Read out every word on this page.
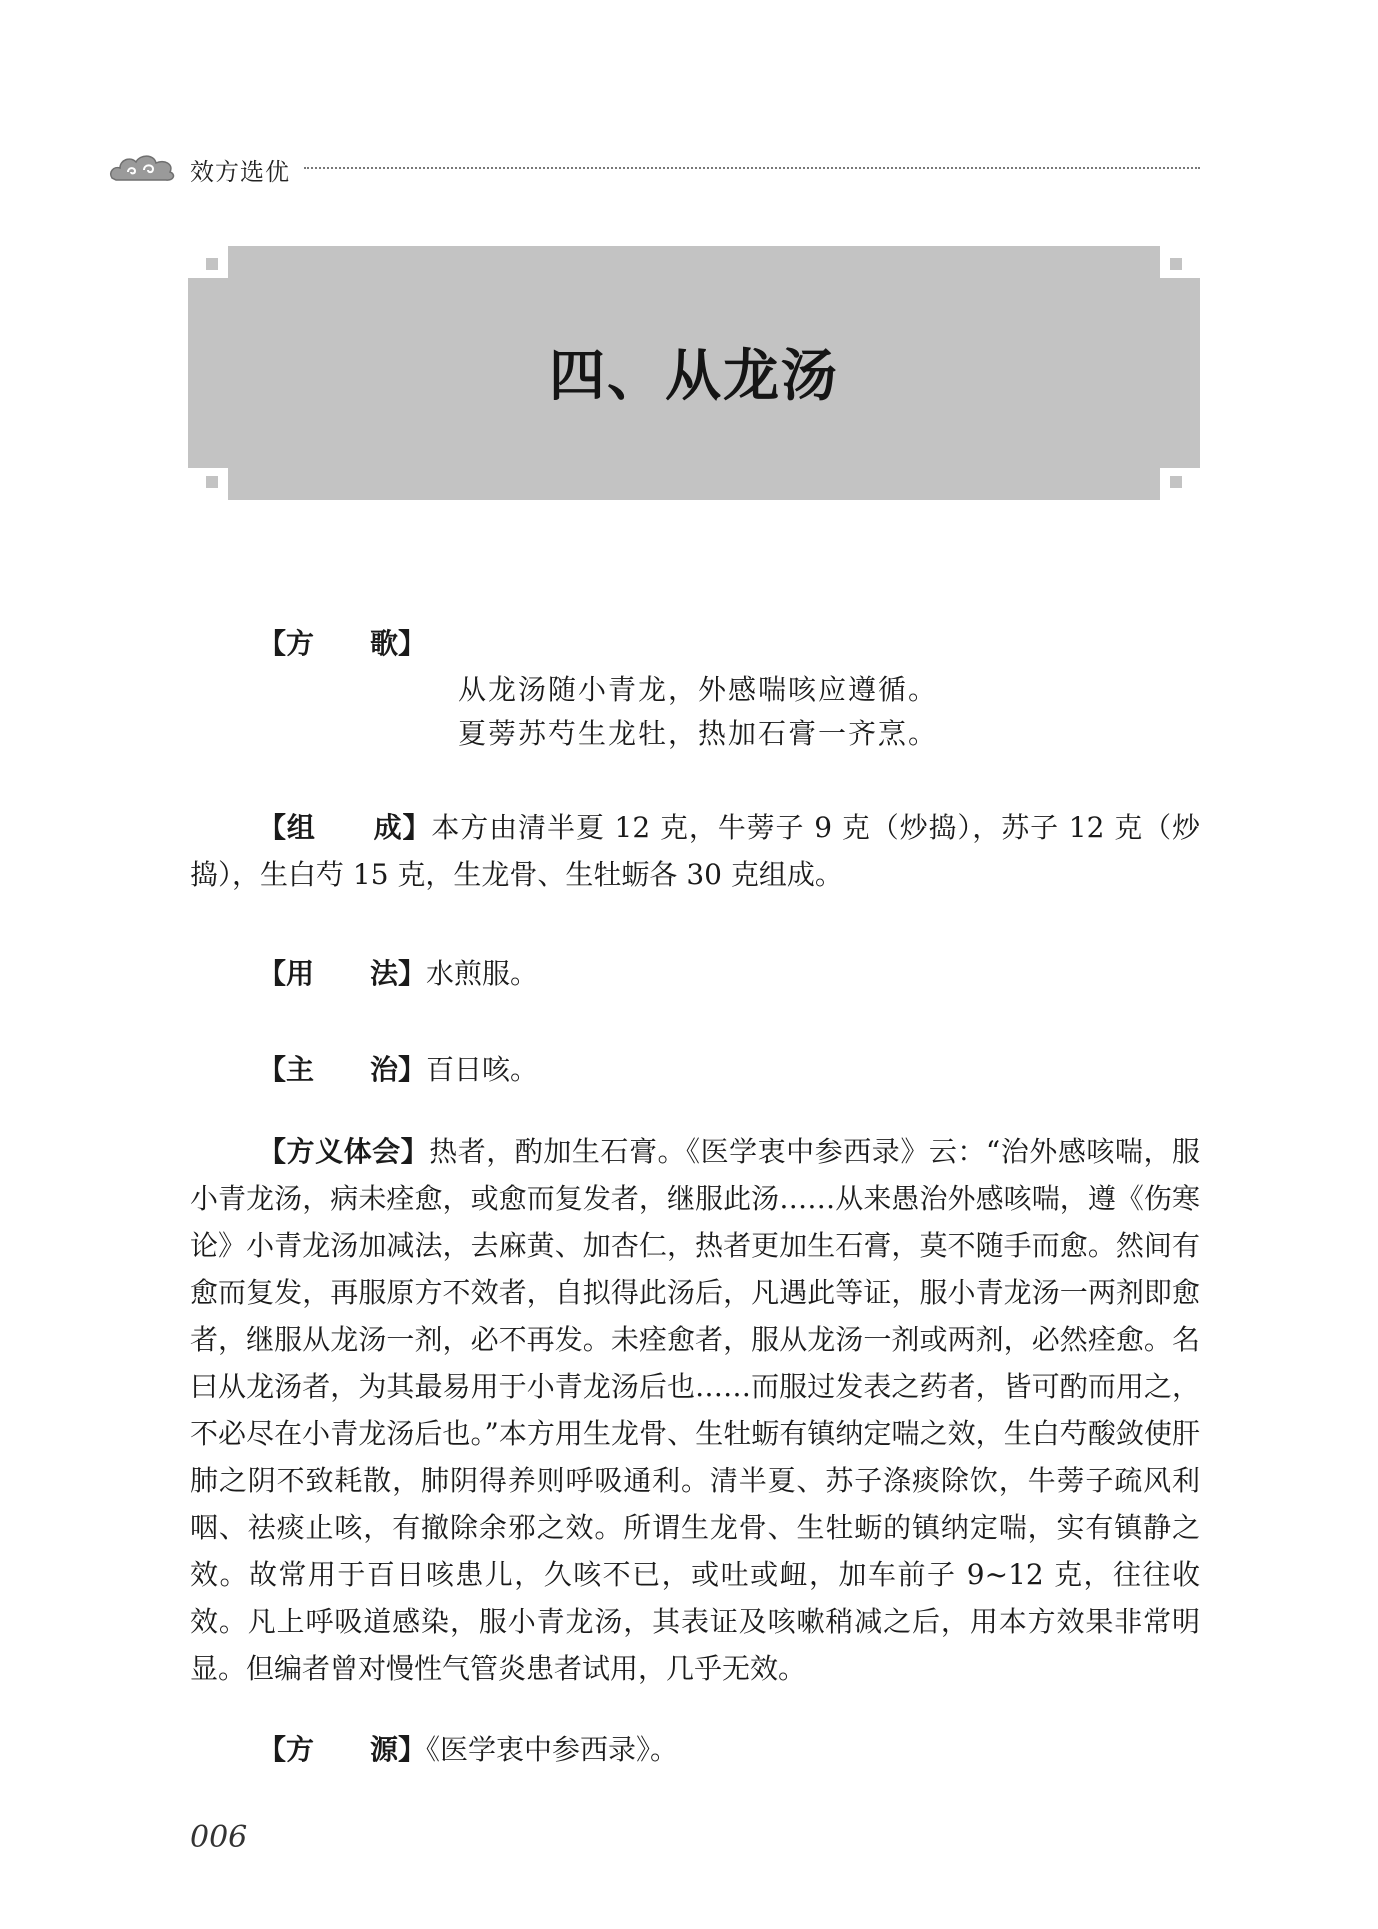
效方选优
四、从龙汤

【方　　歌】

从龙汤随小青龙，外感喘咳应遵循。
夏蒡苏芍生龙牡，热加石膏一齐烹。

【组　　成】本方由清半夏 12 克，牛蒡子 9 克（炒捣），苏子 12 克（炒捣），生白芍 15 克，生龙骨、生牡蛎各 30 克组成。

【用　　法】水煎服。

【主　　治】百日咳。

【方义体会】热者，酌加生石膏。《医学衷中参西录》云：“治外感咳喘，服小青龙汤，病未痊愈，或愈而复发者，继服此汤……从来愚治外感咳喘，遵《伤寒论》小青龙汤加减法，去麻黄、加杏仁，热者更加生石膏，莫不随手而愈。然间有愈而复发，再服原方不效者，自拟得此汤后，凡遇此等证，服小青龙汤一两剂即愈者，继服从龙汤一剂，必不再发。未痊愈者，服从龙汤一剂或两剂，必然痊愈。名曰从龙汤者，为其最易用于小青龙汤后也……而服过发表之药者，皆可酌而用之，不必尽在小青龙汤后也。”本方用生龙骨、生牡蛎有镇纳定喘之效，生白芍酸敛使肝肺之阴不致耗散，肺阴得养则呼吸通利。清半夏、苏子涤痰除饮，牛蒡子疏风利咽、祛痰止咳，有撤除余邪之效。所谓生龙骨、生牡蛎的镇纳定喘，实有镇静之效。故常用于百日咳患儿，久咳不已，或吐或衄，加车前子 9~12 克，往往收效。凡上呼吸道感染，服小青龙汤，其表证及咳嗽稍减之后，用本方效果非常明显。但编者曾对慢性气管炎患者试用，几乎无效。

【方　　源】《医学衷中参西录》。

006
